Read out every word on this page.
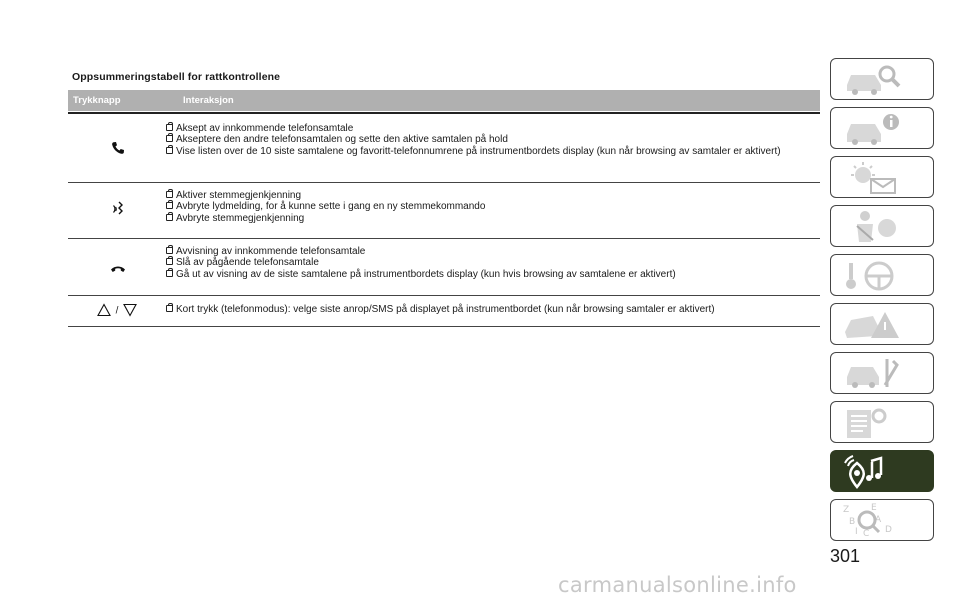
Oppsummeringstabell for rattkontrollene
Trykknapp	Interaksjon
Aksept av innkommende telefonsamtale
Akseptere den andre telefonsamtalen og sette den aktive samtalen på hold
Vise listen over de 10 siste samtalene og favoritt-telefonnumrene på instrumentbordets display (kun når browsing av samtaler er aktivert)
Aktiver stemmegjenkjenning
Avbryte lydmelding, for å kunne sette i gang en ny stemmekommando
Avbryte stemmegjenkjenning
Avvisning av innkommende telefonsamtale
Slå av pågående telefonsamtale
Gå ut av visning av de siste samtalene på instrumentbordets display (kun hvis browsing av samtalene er aktivert)
/	Kort trykk (telefonmodus): velge siste anrop/SMS på displayet på instrumentbordet (kun når browsing samtaler er aktivert)
Z E
B A
I C D
301
carmanualsonline.info
